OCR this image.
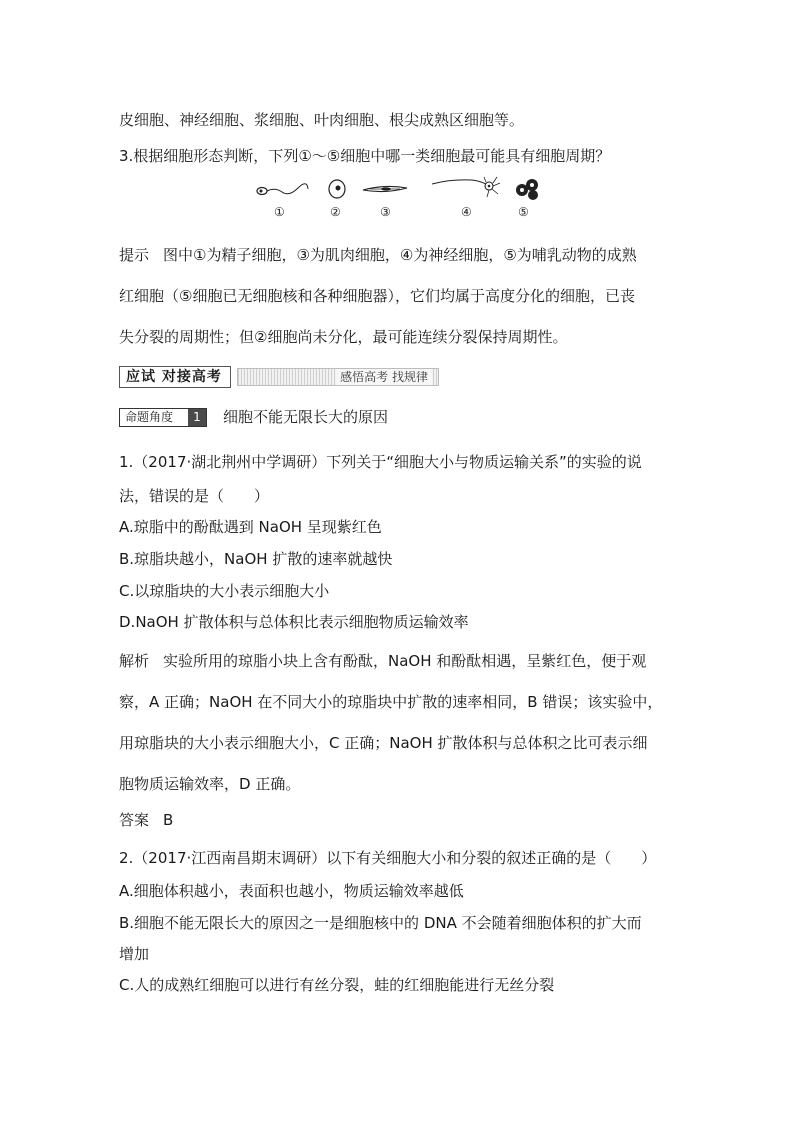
皮细胞、神经细胞、浆细胞、叶肉细胞、根尖成熟区细胞等。
3.根据细胞形态判断，下列①～⑤细胞中哪一类细胞最可能具有细胞周期？
①	②	③	④	⑤
提示 图中①为精子细胞，③为肌肉细胞，④为神经细胞，⑤为哺乳动物的成熟
红细胞（⑤细胞已无细胞核和各种细胞器），它们均属于高度分化的细胞，已丧
失分裂的周期性；但②细胞尚未分化，最可能连续分裂保持周期性。
应试 对接高考	感悟高考 找规律
命题角度	1	细胞不能无限长大的原因
1.（2017·湖北荆州中学调研）下列关于“细胞大小与物质运输关系”的实验的说
法，错误的是（　　）
A.琼脂中的酚酞遇到 NaOH 呈现紫红色
B.琼脂块越小，NaOH 扩散的速率就越快
C.以琼脂块的大小表示细胞大小
D.NaOH 扩散体积与总体积比表示细胞物质运输效率
解析 实验所用的琼脂小块上含有酚酞，NaOH 和酚酞相遇，呈紫红色，便于观
察，A 正确；NaOH 在不同大小的琼脂块中扩散的速率相同，B 错误；该实验中，
用琼脂块的大小表示细胞大小，C 正确；NaOH 扩散体积与总体积之比可表示细
胞物质运输效率，D 正确。
答案 B
2.（2017·江西南昌期末调研）以下有关细胞大小和分裂的叙述正确的是（　　）
A.细胞体积越小，表面积也越小，物质运输效率越低
B.细胞不能无限长大的原因之一是细胞核中的 DNA 不会随着细胞体积的扩大而
增加
C.人的成熟红细胞可以进行有丝分裂，蛙的红细胞能进行无丝分裂
